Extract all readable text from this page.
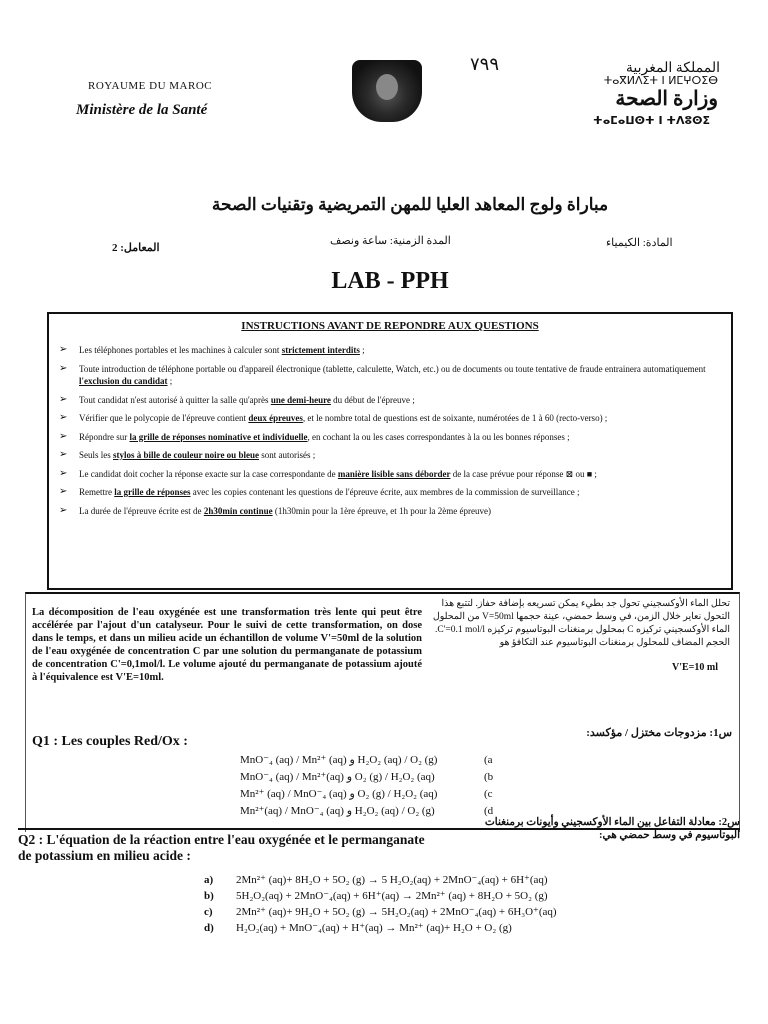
ROYAUME DU MAROC
Ministère de la Santé
٧٩٩	المملكة المغربية
ⵜⴰⴳⵍⴷⵉⵜ ⵏ ⵍⵎⵖⵔⵉⴱ
وزارة الصحة
ⵜⴰⵎⴰⵡⵙⵜ ⵏ ⵜⴷⵓⵙⵉ
مباراة ولوج المعاهد العليا للمهن التمريضية وتقنيات الصحة
المعامل: 2
المدة الزمنية: ساعة ونصف	المادة: الكيمياء
LAB - PPH
INSTRUCTIONS AVANT DE REPONDRE AUX QUESTIONS
➢ Les téléphones portables et les machines à calculer sont strictement interdits ;
➢ Toute introduction de téléphone portable ou d'appareil électronique (tablette, calculette, Watch, etc.) ou de documents ou toute tentative de fraude entrainera automatiquement l'exclusion du candidat ;
➢ Tout candidat n'est autorisé à quitter la salle qu'après une demi-heure du début de l'épreuve ;
➢ Vérifier que le polycopie de l'épreuve contient deux épreuves, et le nombre total de questions est de soixante, numérotées de 1 à 60 (recto-verso) ;
➢ Répondre sur la grille de réponses nominative et individuelle, en cochant la ou les cases correspondantes à la ou les bonnes réponses ;
➢ Seuls les stylos à bille de couleur noire ou bleue sont autorisés ;
➢ Le candidat doit cocher la réponse exacte sur la case correspondante de manière lisible sans déborder de la case prévue pour réponse ⊠ ou ■ ;
➢ Remettre la grille de réponses avec les copies contenant les questions de l'épreuve écrite, aux membres de la commission de surveillance ;
➢ La durée de l'épreuve écrite est de 2h30min continue (1h30min pour la 1ère épreuve, et 1h pour la 2ème épreuve)
La décomposition de l'eau oxygénée est une transformation très lente qui peut être accélérée par l'ajout d'un catalyseur. Pour le suivi de cette transformation, on dose dans le temps, et dans un milieu acide un échantillon de volume V'=50ml de la solution de l'eau oxygénée de concentration C par une solution du permanganate de potassium de concentration C'=0,1mol/l. Le volume ajouté du permanganate de potassium ajouté à l'équivalence est V'E=10ml.
تحلل الماء الأوكسجيني تحول جد بطيء يمكن تسريعه بإضافة حفاز. لتتبع هذا التحول نعاير خلال الزمن، في وسط حمضي، عينة حجمها V=50ml من المحلول الماء الأوكسجيني تركيزه C بمحلول برمنغنات البوتاسيوم تركيزه C'=0.1 mol/l. الحجم المضاف للمحلول برمنغنات البوتاسيوم عند التكافؤ هو
V'E=10 ml
س1: مزدوجات مختزل / مؤكسد:
Q1 : Les couples Red/Ox :
MnO⁻₄ (aq) / Mn²⁺ (aq) و H₂O₂ (aq) / O₂ (g)	(a
MnO⁻₄ (aq) / Mn²⁺(aq) و O₂ (g) / H₂O₂ (aq)	(b
Mn²⁺ (aq) / MnO⁻₄ (aq) و O₂ (g) / H₂O₂ (aq)	(c
Mn²⁺(aq) / MnO⁻₄ (aq) و H₂O₂ (aq) / O₂ (g)	(d
Q2 : L'équation de la réaction entre l'eau oxygénée et le permanganate de potassium en milieu acide :
س2: معادلة التفاعل بين الماء الأوكسجيني وأيونات برمنغنات البوتاسيوم في وسط حمضي هي:
a)	2Mn²⁺ (aq)+ 8H₂O + 5O₂ (g) → 5 H₂O₂(aq) + 2MnO⁻₄(aq) + 6H⁺(aq)
b)	5H₂O₂(aq) + 2MnO⁻₄(aq) + 6H⁺(aq) → 2Mn²⁺ (aq) + 8H₂O + 5O₂ (g)
c)	2Mn²⁺ (aq)+ 9H₂O + 5O₂ (g) → 5H₂O₂(aq) + 2MnO⁻₄(aq) + 6H₃O⁺(aq)
d)	H₂O₂(aq) + MnO⁻₄(aq) + H⁺(aq) → Mn²⁺ (aq)+ H₂O + O₂ (g)
